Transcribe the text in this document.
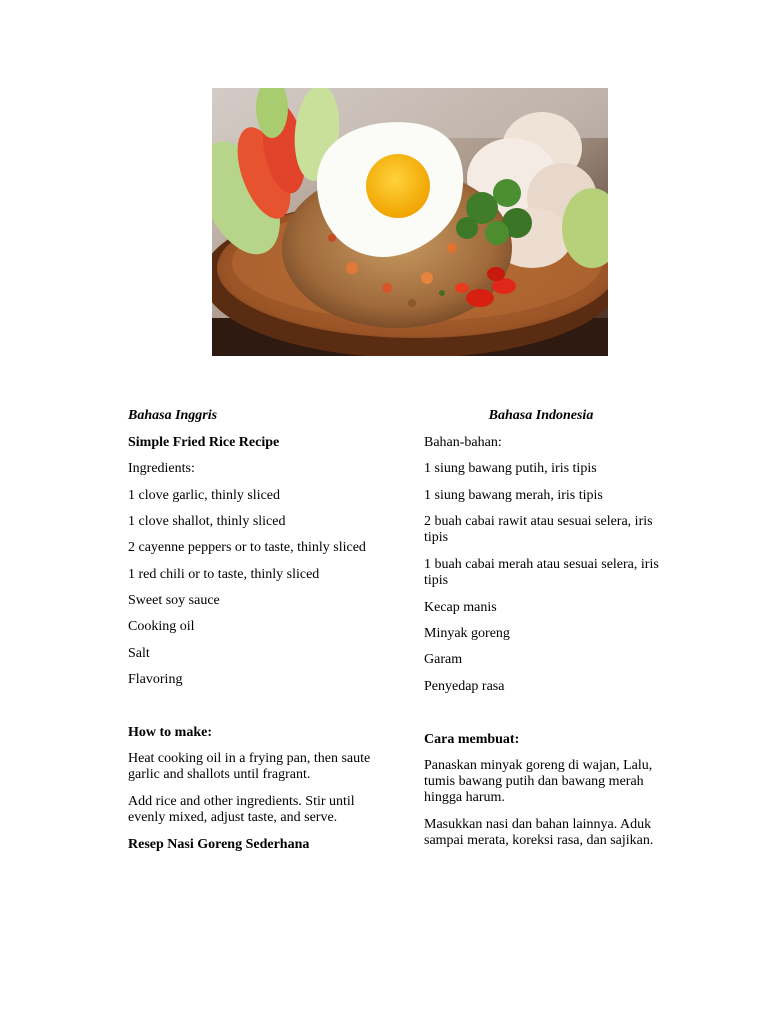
Bahasa Inggris

Simple Fried Rice Recipe

Ingredients:

1 clove garlic, thinly sliced

1 clove shallot, thinly sliced

2 cayenne peppers or to taste, thinly sliced

1 red chili or to taste, thinly sliced

Sweet soy sauce

Cooking oil

Salt

Flavoring

How to make:

Heat cooking oil in a frying pan, then saute garlic and shallots until fragrant.

Add rice and other ingredients. Stir until evenly mixed, adjust taste, and serve.

Resep Nasi Goreng Sederhana

Bahasa Indonesia

Bahan-bahan:

1 siung bawang putih, iris tipis

1 siung bawang merah, iris tipis

2 buah cabai rawit atau sesuai selera, iris tipis

1 buah cabai merah atau sesuai selera, iris tipis

Kecap manis

Minyak goreng

Garam

Penyedap rasa

Cara membuat:

Panaskan minyak goreng di wajan, Lalu, tumis bawang putih dan bawang merah hingga harum.

Masukkan nasi dan bahan lainnya. Aduk sampai merata, koreksi rasa, dan sajikan.
